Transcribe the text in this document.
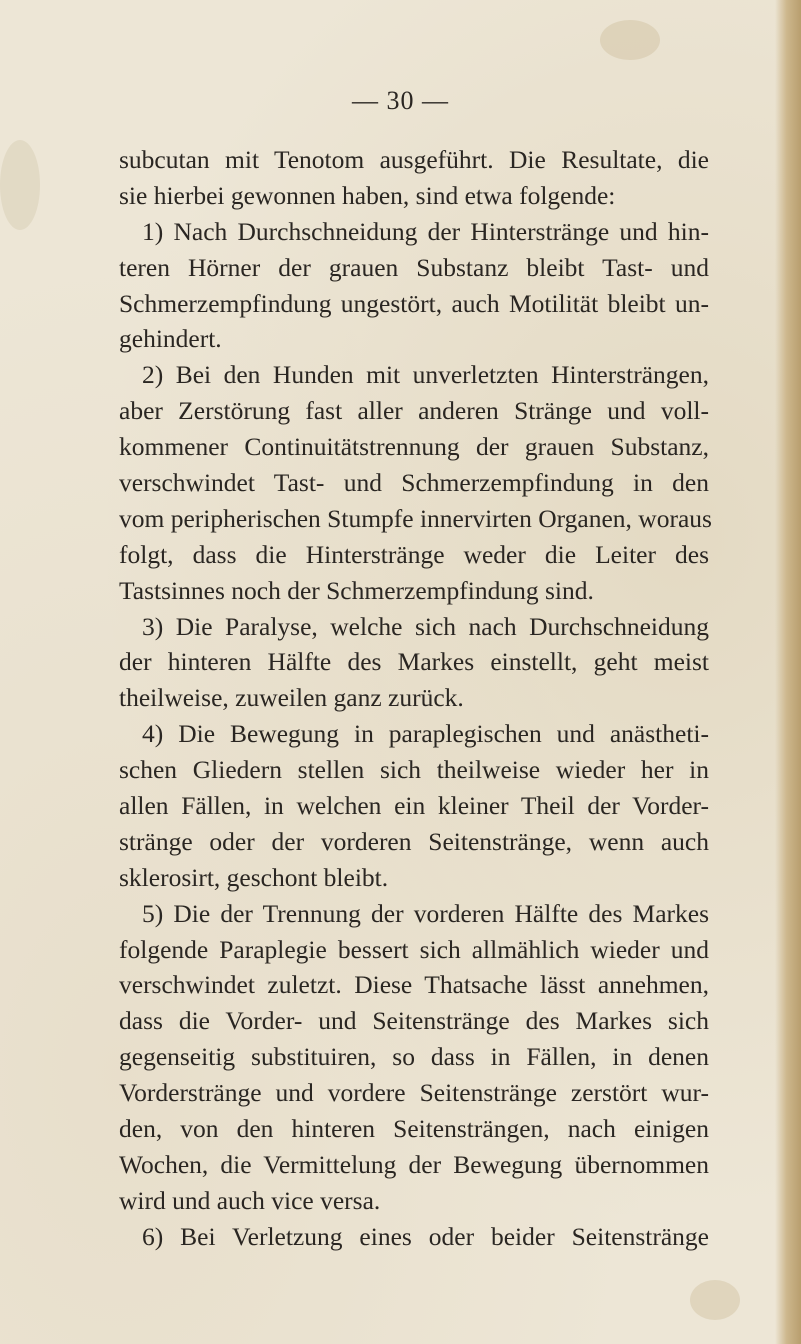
— 30 —
subcutan mit Tenotom ausgeführt. Die Resultate, die
sie hierbei gewonnen haben, sind etwa folgende:
1) Nach Durchschneidung der Hinterstränge und hin-
teren Hörner der grauen Substanz bleibt Tast- und
Schmerzempfindung ungestört, auch Motilität bleibt un-
gehindert.
2) Bei den Hunden mit unverletzten Hintersträngen,
aber Zerstörung fast aller anderen Stränge und voll-
kommener Continuitätstrennung der grauen Substanz,
verschwindet Tast- und Schmerzempfindung in den
vom peripherischen Stumpfe innervirten Organen, woraus
folgt, dass die Hinterstränge weder die Leiter des
Tastsinnes noch der Schmerzempfindung sind.
3) Die Paralyse, welche sich nach Durchschneidung
der hinteren Hälfte des Markes einstellt, geht meist
theilweise, zuweilen ganz zurück.
4) Die Bewegung in paraplegischen und anästheti-
schen Gliedern stellen sich theilweise wieder her in
allen Fällen, in welchen ein kleiner Theil der Vorder-
stränge oder der vorderen Seitenstränge, wenn auch
sklerosirt, geschont bleibt.
5) Die der Trennung der vorderen Hälfte des Markes
folgende Paraplegie bessert sich allmählich wieder und
verschwindet zuletzt. Diese Thatsache lässt annehmen,
dass die Vorder- und Seitenstränge des Markes sich
gegenseitig substituiren, so dass in Fällen, in denen
Vorderstränge und vordere Seitenstränge zerstört wur-
den, von den hinteren Seitensträngen, nach einigen
Wochen, die Vermittelung der Bewegung übernommen
wird und auch vice versa.
6) Bei Verletzung eines oder beider Seitenstränge
